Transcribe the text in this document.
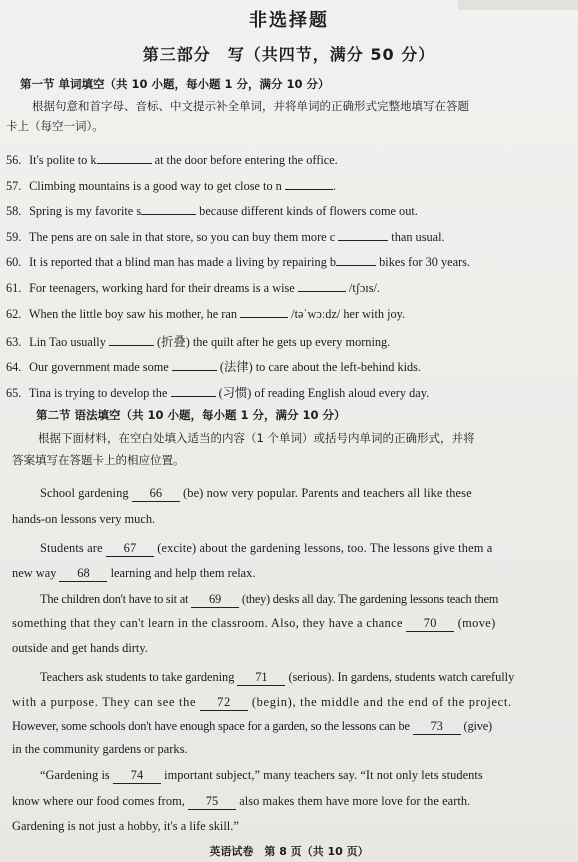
非选择题
第三部分　写（共四节，满分 50 分）
第一节 单词填空（共 10 小题，每小题 1 分，满分 10 分）
根据句意和首字母、音标、中文提示补全单词，并将单词的正确形式完整地填写在答题
卡上（每空一词）。
56. It's polite to k	at the door before entering the office.
57. Climbing mountains is a good way to get close to n	.
58. Spring is my favorite s	because different kinds of flowers come out.
59. The pens are on sale in that store, so you can buy them more c	than usual.
60. It is reported that a blind man has made a living by repairing b	bikes for 30 years.
61. For teenagers, working hard for their dreams is a wise	/tʃɔɪs/.
62. When the little boy saw his mother, he ran	/təˈwɔːdz/ her with joy.
63. Lin Tao usually	(折叠) the quilt after he gets up every morning.
64. Our government made some	(法律) to care about the left-behind kids.
65. Tina is trying to develop the	(习惯) of reading English aloud every day.
第二节 语法填空（共 10 小题，每小题 1 分，满分 10 分）
根据下面材料，在空白处填入适当的内容（1 个单词）或括号内单词的正确形式，并将
答案填写在答题卡上的相应位置。
School gardening 66 (be) now very popular. Parents and teachers all like these
hands-on lessons very much.
Students are 67 (excite) about the gardening lessons, too. The lessons give them a
new way 68 learning and help them relax.
The children don't have to sit at 69 (they) desks all day. The gardening lessons teach them
something that they can't learn in the classroom. Also, they have a chance 70 (move)
outside and get hands dirty.
Teachers ask students to take gardening 71 (serious). In gardens, students watch carefully
with a purpose. They can see the 72 (begin), the middle and the end of the project.
However, some schools don't have enough space for a garden, so the lessons can be 73 (give)
in the community gardens or parks.
“Gardening is 74 important subject,” many teachers say. “It not only lets students
know where our food comes from, 75 also makes them have more love for the earth.
Gardening is not just a hobby, it's a life skill.”
英语试卷　第 8 页（共 10 页）
